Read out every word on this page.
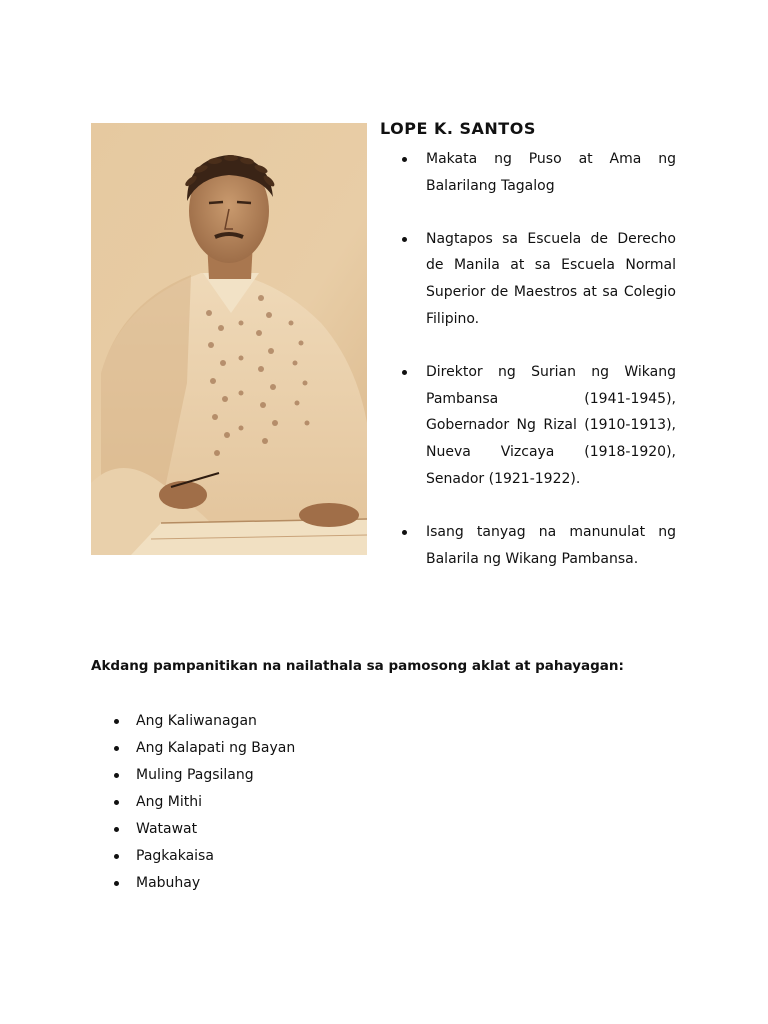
LOPE K. SANTOS
Makata ng Puso at Ama ng Balarilang Tagalog
Nagtapos sa Escuela de Derecho de Manila at sa Escuela Normal Superior de Maestros at sa Colegio Filipino.
Direktor ng Surian ng Wikang Pambansa (1941-1945), Gobernador Ng Rizal (1910-1913), Nueva Vizcaya (1918-1920), Senador (1921-1922).
Isang tanyag na manunulat ng Balarila ng Wikang Pambansa.

Akdang pampanitikan na nailathala sa pamosong aklat at pahayagan:

Ang Kaliwanagan
Ang Kalapati ng Bayan
Muling Pagsilang
Ang Mithi
Watawat
Pagkakaisa
Mabuhay
